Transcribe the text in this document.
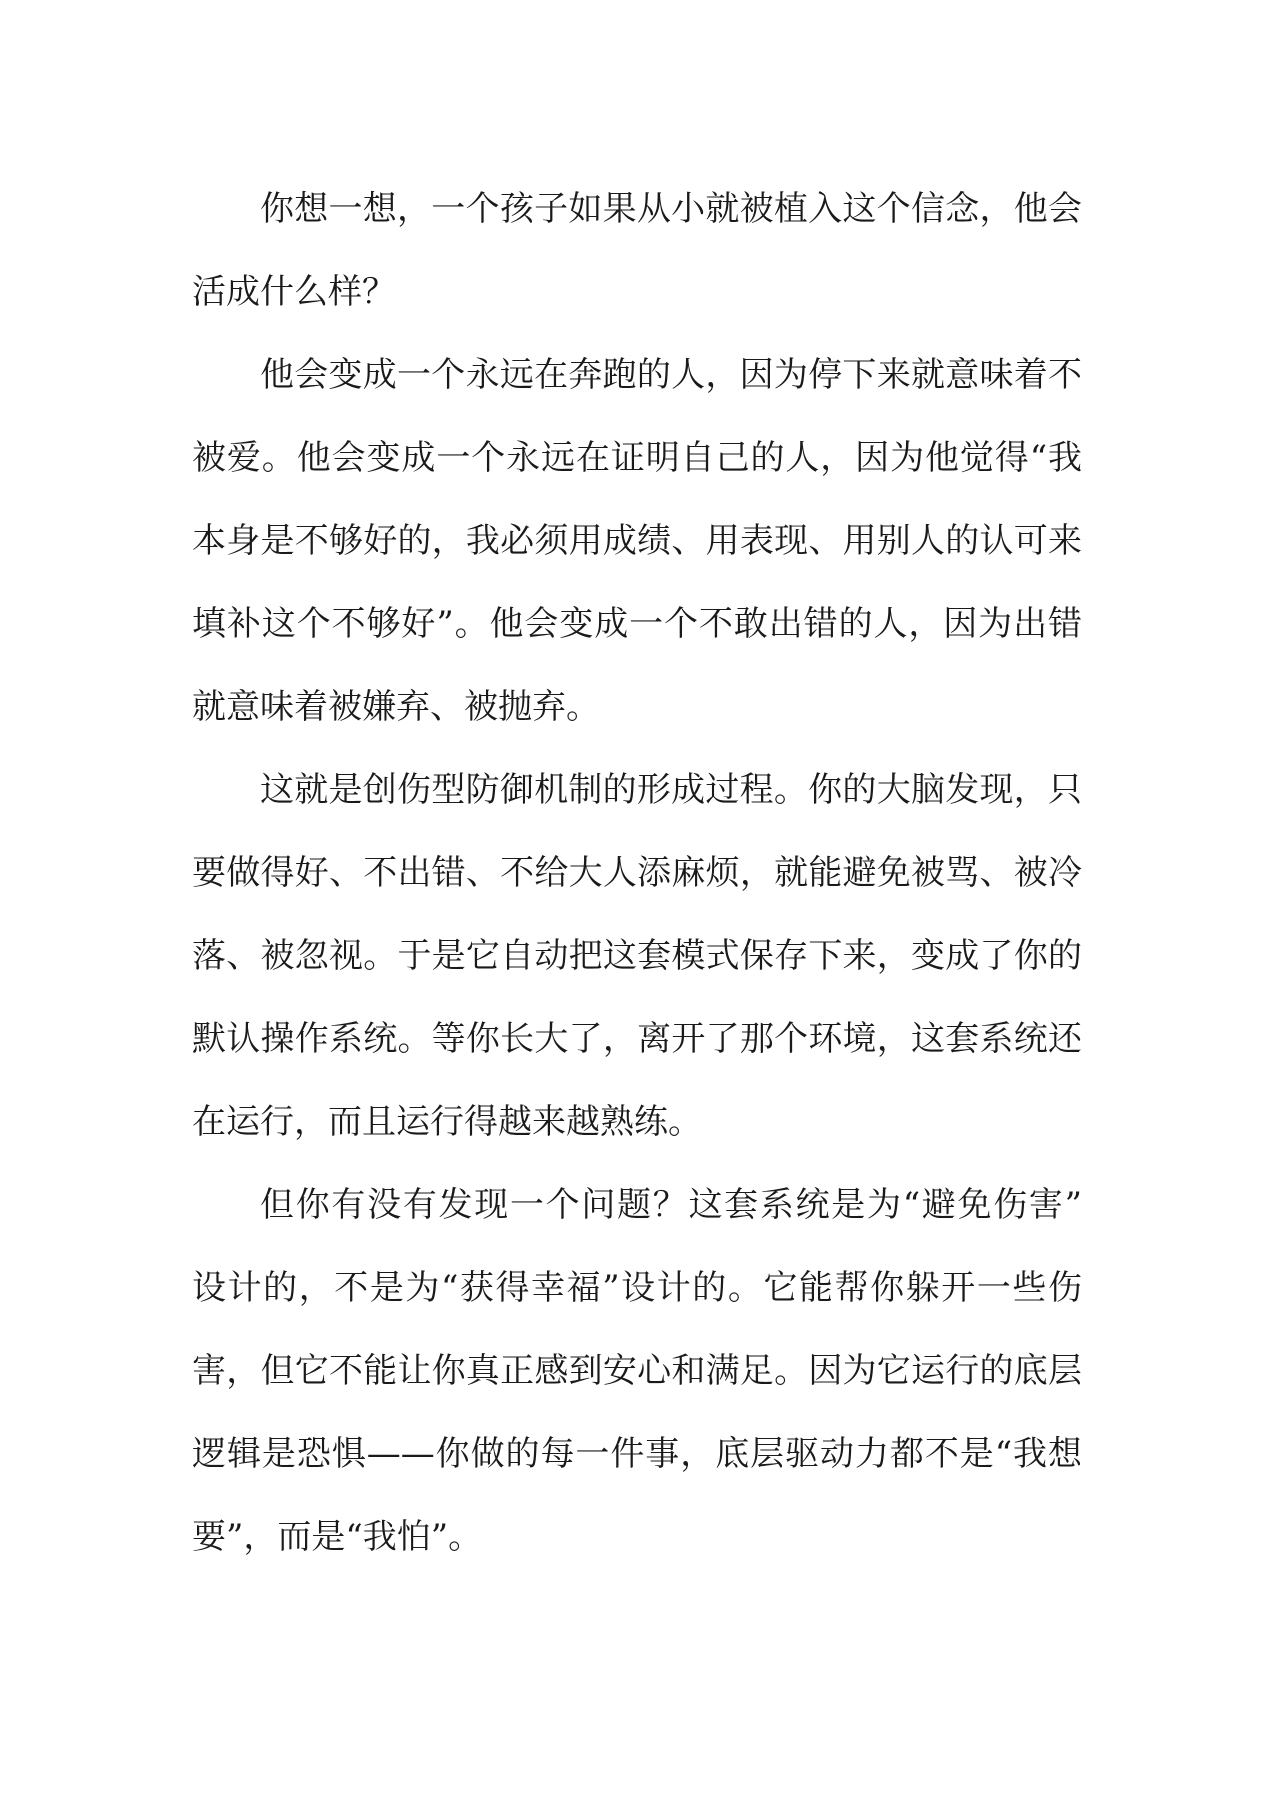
你想一想，一个孩子如果从小就被植入这个信念，他会
活成什么样？
他会变成一个永远在奔跑的人，因为停下来就意味着不
被爱。他会变成一个永远在证明自己的人，因为他觉得“我
本身是不够好的，我必须用成绩、用表现、用别人的认可来
填补这个不够好”。他会变成一个不敢出错的人，因为出错
就意味着被嫌弃、被抛弃。
这就是创伤型防御机制的形成过程。你的大脑发现，只
要做得好、不出错、不给大人添麻烦，就能避免被骂、被冷
落、被忽视。于是它自动把这套模式保存下来，变成了你的
默认操作系统。等你长大了，离开了那个环境，这套系统还
在运行，而且运行得越来越熟练。
但你有没有发现一个问题？这套系统是为“避免伤害”
设计的，不是为“获得幸福”设计的。它能帮你躲开一些伤
害，但它不能让你真正感到安心和满足。因为它运行的底层
逻辑是恐惧——你做的每一件事，底层驱动力都不是“我想
要”，而是“我怕”。
